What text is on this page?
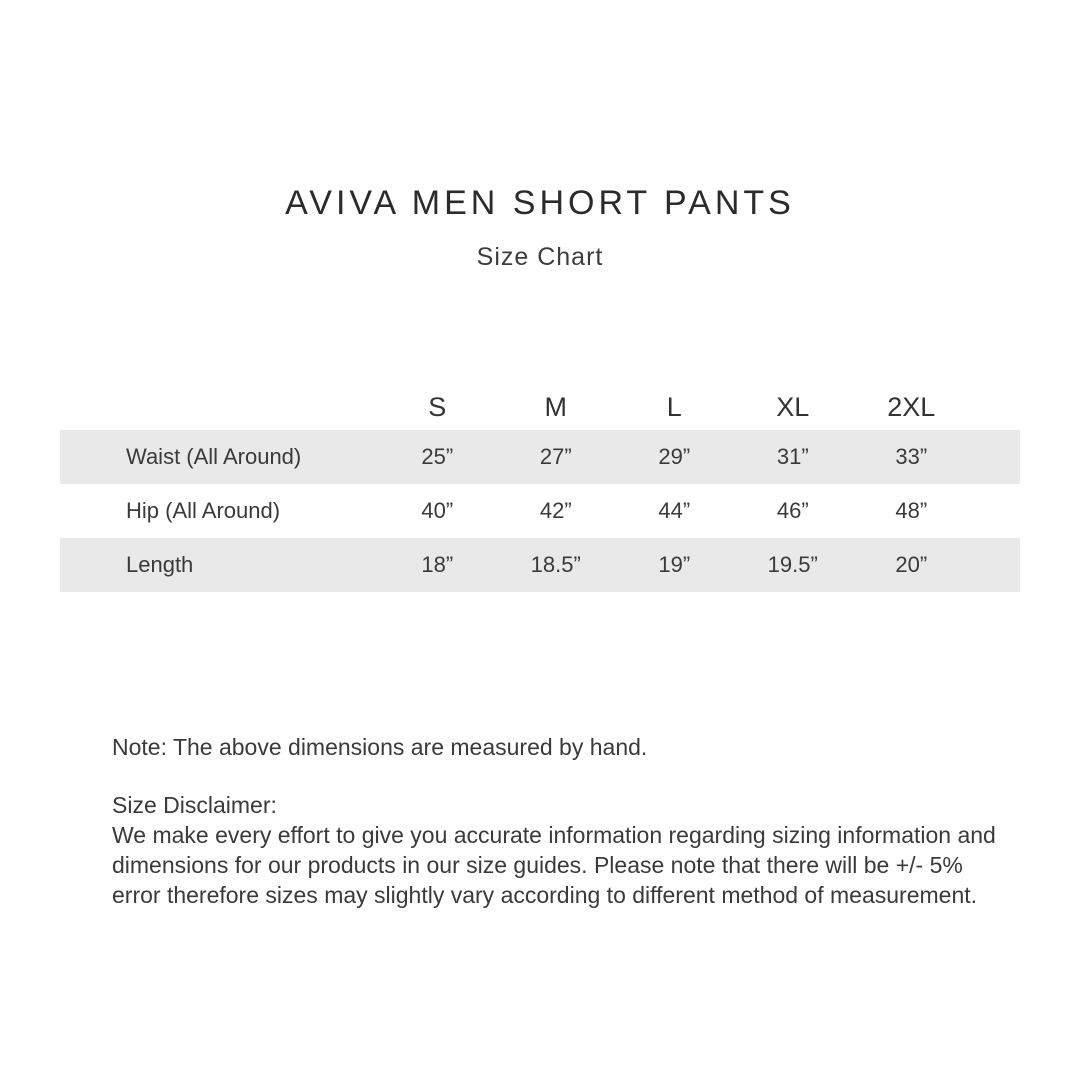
AVIVA MEN SHORT PANTS
Size Chart
	S	M	L	XL	2XL	
Waist (All Around)	25”	27”	29”	31”	33”	
Hip (All Around)	40”	42”	44”	46”	48”	
Length	18”	18.5”	19”	19.5”	20”	

Note: The above dimensions are measured by hand.

Size Disclaimer:

We make every effort to give you accurate information regarding sizing information and dimensions for our products in our size guides. Please note that there will be +/- 5% error therefore sizes may slightly vary according to different method of measurement.
